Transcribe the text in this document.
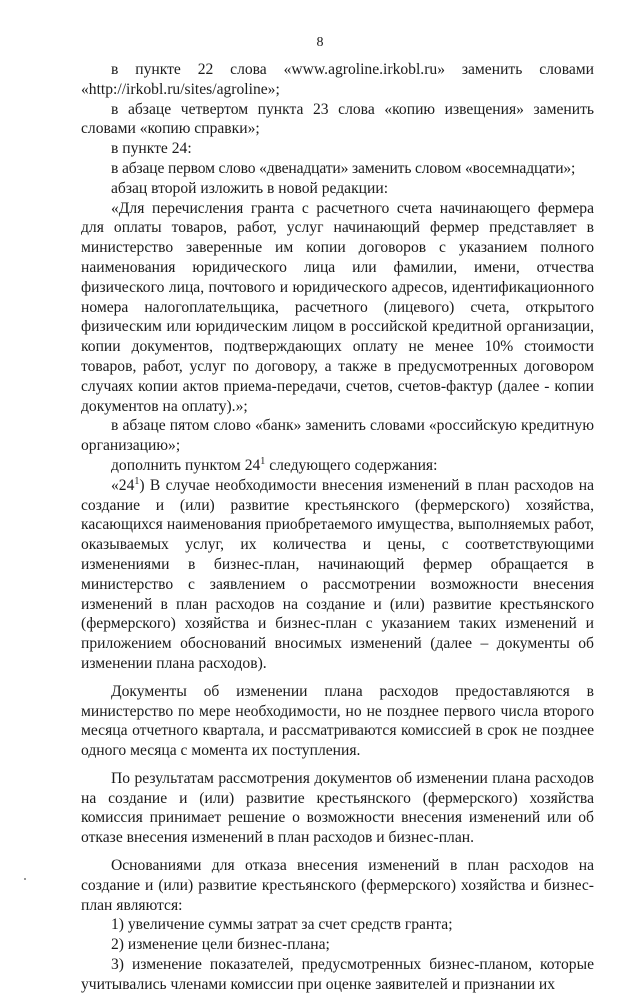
8

в пункте 22 слова «www.agroline.irkobl.ru» заменить словами «http://irkobl.ru/sites/agroline»;

в абзаце четвертом пункта 23 слова «копию извещения» заменить словами «копию справки»;

в пункте 24:

в абзаце первом слово «двенадцати» заменить словом «восемнадцати»;

абзац второй изложить в новой редакции:

«Для перечисления гранта с расчетного счета начинающего фермера для оплаты товаров, работ, услуг начинающий фермер представляет в министерство заверенные им копии договоров с указанием полного наименования юридического лица или фамилии, имени, отчества физического лица, почтового и юридического адресов, идентификационного номера налогоплательщика, расчетного (лицевого) счета, открытого физическим или юридическим лицом в российской кредитной организации, копии документов, подтверждающих оплату не менее 10% стоимости товаров, работ, услуг по договору, а также в предусмотренных договором случаях копии актов приема-передачи, счетов, счетов-фактур (далее - копии документов на оплату).»;

в абзаце пятом слово «банк» заменить словами «российскую кредитную организацию»;

дополнить пунктом $24^1$ следующего содержания:

«$24^1$) В случае необходимости внесения изменений в план расходов на создание и (или) развитие крестьянского (фермерского) хозяйства, касающихся наименования приобретаемого имущества, выполняемых работ, оказываемых услуг, их количества и цены, с соответствующими изменениями в бизнес-план, начинающий фермер обращается в министерство с заявлением о рассмотрении возможности внесения изменений в план расходов на создание и (или) развитие крестьянского (фермерского) хозяйства и бизнес-план с указанием таких изменений и приложением обоснований вносимых изменений (далее – документы об изменении плана расходов).

Документы об изменении плана расходов предоставляются в министерство по мере необходимости, но не позднее первого числа второго месяца отчетного квартала, и рассматриваются комиссией в срок не позднее одного месяца с момента их поступления.

По результатам рассмотрения документов об изменении плана расходов на создание и (или) развитие крестьянского (фермерского) хозяйства комиссия принимает решение о возможности внесения изменений или об отказе внесения изменений в план расходов и бизнес-план.

Основаниями для отказа внесения изменений в план расходов на создание и (или) развитие крестьянского (фермерского) хозяйства и бизнес-план являются:

1) увеличение суммы затрат за счет средств гранта;

2) изменение цели бизнес-плана;

3) изменение показателей, предусмотренных бизнес-планом, которые учитывались членами комиссии при оценке заявителей и признании их
